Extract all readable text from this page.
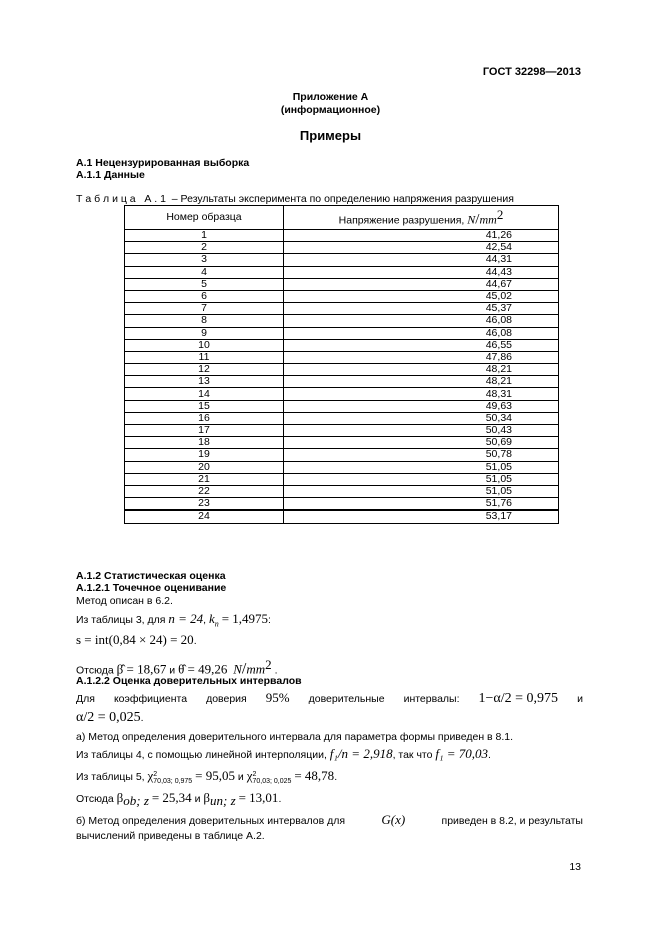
ГОСТ 32298—2013
Приложение А
(информационное)
Примеры
А.1 Нецензурированная выборка
А.1.1 Данные
Т а б л и ц а   А . 1  – Результаты эксперимента по определению напряжения разрушения
Номер образца	Напряжение разрушения, $N/mm^2$
1	41,26
2	42,54
3	44,31
4	44,43
5	44,67
6	45,02
7	45,37
8	46,08
9	46,08
10	46,55
11	47,86
12	48,21
13	48,21
14	48,31
15	49,63
16	50,34
17	50,43
18	50,69
19	50,78
20	51,05
21	51,05
22	51,05
23	51,76
24	53,17
А.1.2 Статистическая оценка
А.1.2.1 Точечное оценивание
Метод описан в 6.2.
Из таблицы 3, для n = 24, $k_n = 1,4975$:
s = int(0,84 × 24) = 20.
Отсюда β̂ = 18,67 и θ̂ = 49,26 $N/mm^2$ .
А.1.2.2 Оценка доверительных интервалов
Для коэффициента доверия 95% доверительные интервалы: 1−α/2 = 0,975 и
α/2 = 0,025.
а) Метод определения доверительного интервала для параметра формы приведен в 8.1.
Из таблицы 4, с помощью линейной интерполяции, f₁/n = 2,918, так что f₁ = 70,03.
Из таблицы 5, χ2
70,03; 0,975 = 95,05 и χ2
70,03; 0,025 = 48,78.
Отсюда $\beta_{ob; z} = 25,34$ и $\beta_{un; z} = 13,01$.
б) Метод определения доверительных интервалов для	G(x)	приведен в 8.2, и результаты
вычислений приведены в таблице А.2.
13
